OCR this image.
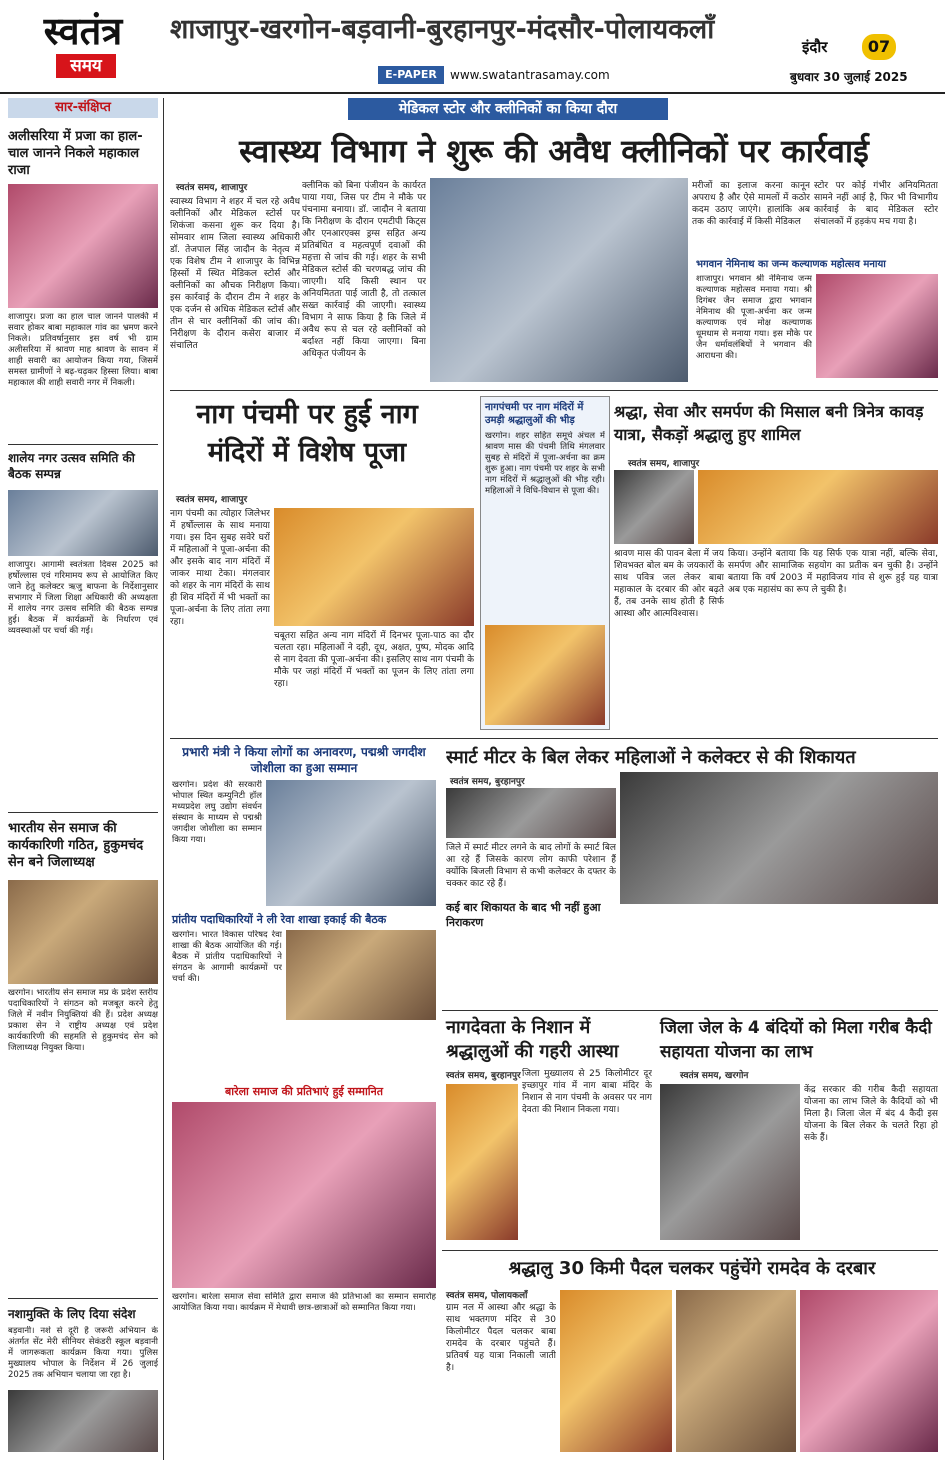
स्वतंत्र
समय
शाजापुर-खरगोन-बड़वानी-बुरहानपुर-मंदसौर-पोलायकलाँ
E-PAPER	www.swatantrasamay.com
इंदौर	07
बुधवार 30 जुलाई 2025
सार-संक्षिप्त
अलीसरिया में प्रजा का हाल-चाल जानने निकले महाकाल राजा
शाजापुर। प्रजा का हाल चाल जानने पालकी में सवार होकर बाबा महाकाल गांव का भ्रमण करने निकले। प्रतिवर्षानुसार इस वर्ष भी ग्राम अलीसरिया में श्रावण माह श्रावण के सावन में शाही सवारी का आयोजन किया गया, जिसमें समस्त ग्रामीणों ने बढ़-चढ़कर हिस्सा लिया। बाबा महाकाल की शाही सवारी नगर में निकली।
शालेय नगर उत्सव समिति की बैठक सम्पन्न
शाजापुर। आगामी स्वतंत्रता दिवस 2025 को हर्षोल्लास एवं गरिमामय रूप से आयोजित किए जाने हेतु कलेक्टर ऋजु बाफना के निर्देशानुसार सभागार में जिला शिक्षा अधिकारी की अध्यक्षता में शालेय नगर उत्सव समिति की बैठक सम्पन्न हुई। बैठक में कार्यक्रमों के निर्धारण एवं व्यवस्थाओं पर चर्चा की गई।
भारतीय सेन समाज की कार्यकारिणी गठित, हुकुमचंद सेन बने जिलाध्यक्ष
खरगोन। भारतीय सेन समाज मप्र के प्रदेश स्तरीय पदाधिकारियों ने संगठन को मजबूत करने हेतु जिले में नवीन नियुक्तियां की हैं। प्रदेश अध्यक्ष प्रकाश सेन ने राष्ट्रीय अध्यक्ष एवं प्रदेश कार्यकारिणी की सहमति से हुकुमचंद सेन को जिलाध्यक्ष नियुक्त किया।
नशामुक्ति के लिए दिया संदेश
बड़वानी। नशे से दूरी है जरूरी अभियान के अंतर्गत सेंट मेरी सीनियर सेकंडरी स्कूल बड़वानी में जागरूकता कार्यक्रम किया गया। पुलिस मुख्यालय भोपाल के निर्देशन में 26 जुलाई 2025 तक अभियान चलाया जा रहा है।
मेडिकल स्टोर और क्लीनिकों का किया दौरा
स्वास्थ्य विभाग ने शुरू की अवैध क्लीनिकों पर कार्रवाई
स्वतंत्र समय, शाजापुर
स्वास्थ्य विभाग ने शहर में चल रहे अवैध क्लीनिकों और मेडिकल स्टोर्स पर शिकंजा कसना शुरू कर दिया है। सोमवार शाम जिला स्वास्थ्य अधिकारी डॉ. तेजपाल सिंह जादौन के नेतृत्व में एक विशेष टीम ने शाजापुर के विभिन्न हिस्सों में स्थित मेडिकल स्टोर्स और क्लीनिकों का औचक निरीक्षण किया। इस कार्रवाई के दौरान टीम ने शहर के एक दर्जन से अधिक मेडिकल स्टोर्स और तीन से चार क्लीनिकों की जांच की। निरीक्षण के दौरान कसेरा बाजार में संचालित
क्लीनिक को बिना पंजीयन के कार्यरत पाया गया, जिस पर टीम ने मौके पर पंचनामा बनाया। डॉ. जादौन ने बताया कि निरीक्षण के दौरान एमटीपी किट्स और एनआरएक्स ड्रग्स सहित अन्य प्रतिबंधित व महत्वपूर्ण दवाओं की महत्ता से जांच की गई। शहर के सभी मेडिकल स्टोर्स की चरणबद्ध जांच की जाएगी। यदि किसी स्थान पर अनियमितता पाई जाती है, तो तत्काल सख्त कार्रवाई की जाएगी। स्वास्थ्य विभाग ने साफ किया है कि जिले में अवैध रूप से चल रहे क्लीनिकों को बर्दाश्त नहीं किया जाएगा। बिना अधिकृत पंजीयन के
मरीजों का इलाज करना कानून अपराध है और ऐसे मामलों में कठोर कदम उठाए जाएंगे। हालांकि अब तक की कार्रवाई में किसी मेडिकल
स्टोर पर कोई गंभीर अनियमितता सामने नहीं आई है, फिर भी विभागीय कार्रवाई के बाद मेडिकल स्टोर संचालकों में हड़कंप मच गया है।
भगवान नेमिनाथ का जन्म कल्याणक महोत्सव मनाया
शाजापुर। भगवान श्री नेमिनाथ जन्म कल्याणक महोत्सव मनाया गया। श्री दिगंबर जैन समाज द्वारा भगवान नेमिनाथ की पूजा-अर्चना कर जन्म कल्याणक एवं मोक्ष कल्याणक धूमधाम से मनाया गया। इस मौके पर जैन धर्मावलंबियों ने भगवान की आराधना की।
नाग पंचमी पर हुई नाग मंदिरों में विशेष पूजा
स्वतंत्र समय, शाजापुर
नाग पंचमी का त्योहार जिलेभर में हर्षोल्लास के साथ मनाया गया। इस दिन सुबह सवेरे घरों में महिलाओं ने पूजा-अर्चना की और इसके बाद नाग मंदिरों में जाकर माथा टेका। मंगलवार को शहर के नाग मंदिरों के साथ ही शिव मंदिरों में भी भक्तों का पूजा-अर्चना के लिए तांता लगा रहा।
चबूतरा सहित अन्य नाग मंदिरों में दिनभर पूजा-पाठ का दौर चलता रहा। महिलाओं ने दही, दूध, अक्षत, पुष्प, मोदक आदि से नाग देवता की पूजा-अर्चना की। इसलिए साथ नाग पंचमी के मौके पर जहां मंदिरों में भक्तों का पूजन के लिए तांता लगा रहा।
नागपंचमी पर नाग मंदिरों में उमड़ी श्रद्धालुओं की भीड़
खरगोन। शहर सहित समूचे अंचल में श्रावण मास की पंचमी तिथि मंगलवार सुबह से मंदिरों में पूजा-अर्चना का क्रम शुरू हुआ। नाग पंचमी पर शहर के सभी नाग मंदिरों में श्रद्धालुओं की भीड़ रही। महिलाओं ने विधि-विधान से पूजा की।
श्रद्धा, सेवा और समर्पण की मिसाल बनी त्रिनेत्र कावड़ यात्रा, सैकड़ों श्रद्धालु हुए शामिल
स्वतंत्र समय, शाजापुर
श्रावण मास की पावन बेला में जय शिवभक्त बोल बम के जयकारों के साथ पवित्र जल लेकर बाबा महाकाल के दरबार की ओर बढ़ते हैं, तब उनके साथ होती है सिर्फ आस्था और आत्मविश्वास।
किया। उन्होंने बताया कि यह सिर्फ एक यात्रा नहीं, बल्कि सेवा, समर्पण और सामाजिक सहयोग का प्रतीक बन चुकी है। उन्होंने बताया कि वर्ष 2003 में महाविजय गांव से शुरू हुई यह यात्रा अब एक महासंघ का रूप ले चुकी है।
प्रभारी मंत्री ने किया लोगों का अनावरण, पद्मश्री जगदीश जोशीला का हुआ सम्मान
खरगोन। प्रदेश की सरकारी भोपाल स्थित कम्युनिटी हॉल मध्यप्रदेश लघु उद्योग संवर्धन संस्थान के माध्यम से पद्मश्री जगदीश जोशीला का सम्मान किया गया।
स्मार्ट मीटर के बिल लेकर महिलाओं ने कलेक्टर से की शिकायत
स्वतंत्र समय, बुरहानपुर
जिले में स्मार्ट मीटर लगने के बाद लोगों के स्मार्ट बिल आ रहे हैं जिसके कारण लोग काफी परेशान हैं क्योंकि बिजली विभाग से कभी कलेक्टर के दफ्तर के चक्कर काट रहे हैं।
कई बार शिकायत के बाद भी नहीं हुआ निराकरण
प्रांतीय पदाधिकारियों ने ली रेवा शाखा इकाई की बैठक
खरगोन। भारत विकास परिषद रेवा शाखा की बैठक आयोजित की गई। बैठक में प्रांतीय पदाधिकारियों ने संगठन के आगामी कार्यक्रमों पर चर्चा की।
बारेला समाज की प्रतिभाएं हुई सम्मानित
खरगोन। बारेला समाज सेवा समिति द्वारा समाज की प्रतिभाओं का सम्मान समारोह आयोजित किया गया। कार्यक्रम में मेधावी छात्र-छात्राओं को सम्मानित किया गया।
नागदेवता के निशान में श्रद्धालुओं की गहरी आस्था
स्वतंत्र समय, बुरहानपुर जिला मुख्यालय से 25 किलोमीटर दूर इच्छापुर गांव में नाग बाबा मंदिर के निशान से नाग पंचमी के अवसर पर नाग देवता की निशान निकला गया।
जिला जेल के 4 बंदियों को मिला गरीब कैदी सहायता योजना का लाभ
स्वतंत्र समय, खरगोन
केंद्र सरकार की गरीब कैदी सहायता योजना का लाभ जिले के कैदियों को भी मिला है। जिला जेल में बंद 4 कैदी इस योजना के बिल लेकर के चलते रिहा हो सके हैं।
श्रद्धालु 30 किमी पैदल चलकर पहुंचेंगे रामदेव के दरबार
स्वतंत्र समय, पोलायकलाँ
ग्राम नल में आस्था और श्रद्धा के साथ भक्तगण मंदिर से 30 किलोमीटर पैदल चलकर बाबा रामदेव के दरबार पहुंचते हैं। प्रतिवर्ष यह यात्रा निकाली जाती है।
